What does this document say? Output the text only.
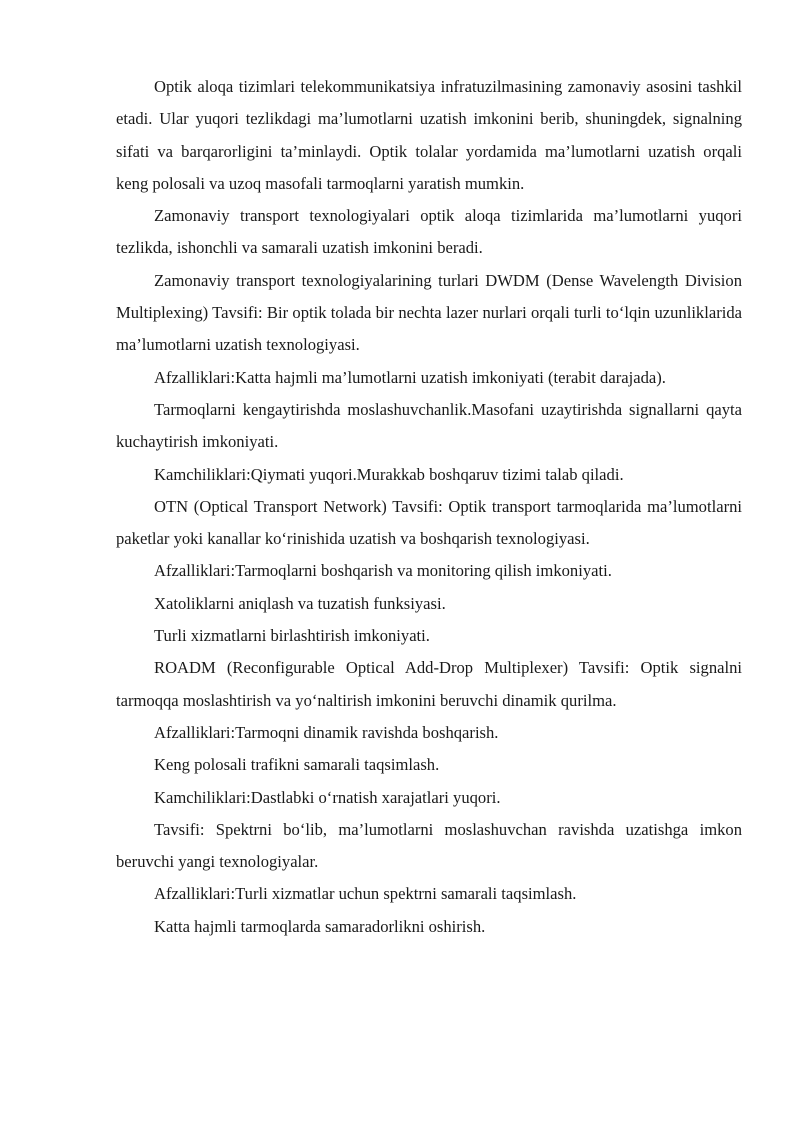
Optik aloqa tizimlari telekommunikatsiya infratuzilmasining zamonaviy asosini tashkil etadi. Ular yuqori tezlikdagi ma’lumotlarni uzatish imkonini berib, shuningdek, signalning sifati va barqarorligini ta’minlaydi. Optik tolalar yordamida ma’lumotlarni uzatish orqali keng polosali va uzoq masofali tarmoqlarni yaratish mumkin.

Zamonaviy transport texnologiyalari optik aloqa tizimlarida ma’lumotlarni yuqori tezlikda, ishonchli va samarali uzatish imkonini beradi.

Zamonaviy transport texnologiyalarining turlari DWDM (Dense Wavelength Division Multiplexing) Tavsifi: Bir optik tolada bir nechta lazer nurlari orqali turli to‘lqin uzunliklarida ma’lumotlarni uzatish texnologiyasi.

Afzalliklari:Katta hajmli ma’lumotlarni uzatish imkoniyati (terabit darajada).

Tarmoqlarni kengaytirishda moslashuvchanlik.Masofani uzaytirishda signallarni qayta kuchaytirish imkoniyati.

Kamchiliklari:Qiymati yuqori.Murakkab boshqaruv tizimi talab qiladi.

OTN (Optical Transport Network) Tavsifi: Optik transport tarmoqlarida ma’lumotlarni paketlar yoki kanallar ko‘rinishida uzatish va boshqarish texnologiyasi.

Afzalliklari:Tarmoqlarni boshqarish va monitoring qilish imkoniyati.

Xatoliklarni aniqlash va tuzatish funksiyasi.

Turli xizmatlarni birlashtirish imkoniyati.

ROADM (Reconfigurable Optical Add-Drop Multiplexer) Tavsifi: Optik signalni tarmoqqa moslashtirish va yo‘naltirish imkonini beruvchi dinamik qurilma.

Afzalliklari:Tarmoqni dinamik ravishda boshqarish.

Keng polosali trafikni samarali taqsimlash.

Kamchiliklari:Dastlabki o‘rnatish xarajatlari yuqori.

Tavsifi: Spektrni bo‘lib, ma’lumotlarni moslashuvchan ravishda uzatishga imkon beruvchi yangi texnologiyalar.

Afzalliklari:Turli xizmatlar uchun spektrni samarali taqsimlash.

Katta hajmli tarmoqlarda samaradorlikni oshirish.
